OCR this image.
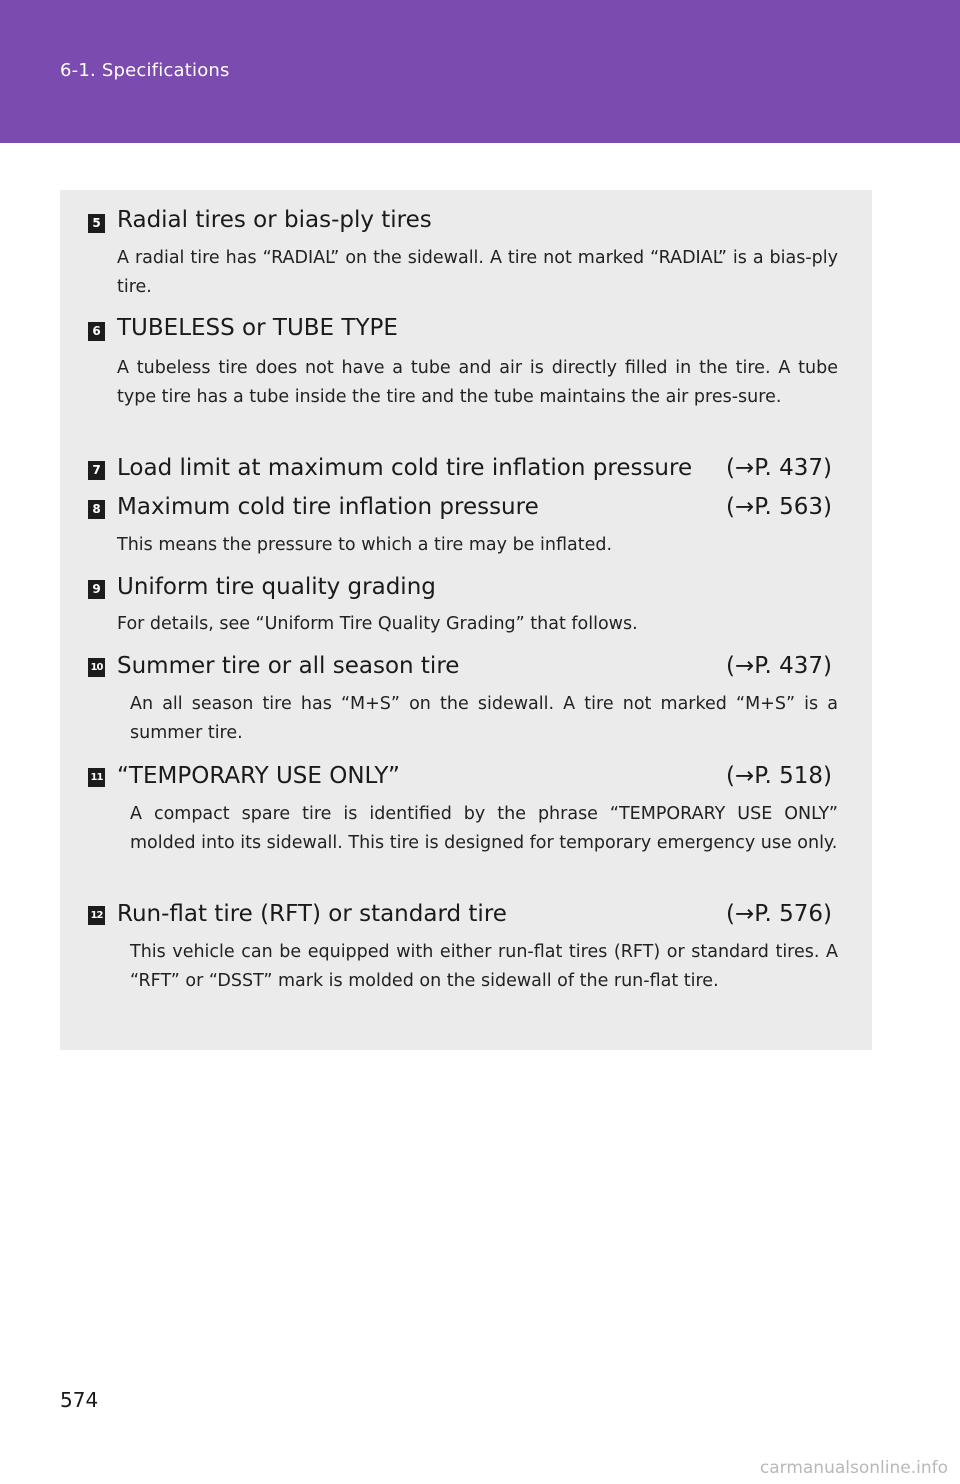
6-1. Specifications
5 Radial tires or bias-ply tires
A radial tire has “RADIAL” on the sidewall. A tire not marked “RADIAL” is a bias-ply tire.
6 TUBELESS or TUBE TYPE
A tubeless tire does not have a tube and air is directly filled in the tire. A tube type tire has a tube inside the tire and the tube maintains the air pres-sure.
7 Load limit at maximum cold tire inflation pressure (→P. 437)
8 Maximum cold tire inflation pressure	(→P. 563)
This means the pressure to which a tire may be inflated.
9 Uniform tire quality grading
For details, see “Uniform Tire Quality Grading” that follows.
10 Summer tire or all season tire	(→P. 437)
An all season tire has “M+S” on the sidewall. A tire not marked “M+S” is a summer tire.
11 “TEMPORARY USE ONLY”	(→P. 518)
A compact spare tire is identified by the phrase “TEMPORARY USE ONLY” molded into its sidewall. This tire is designed for temporary emergency use only.
12 Run-flat tire (RFT) or standard tire	(→P. 576)
This vehicle can be equipped with either run-flat tires (RFT) or standard tires. A “RFT” or “DSST” mark is molded on the sidewall of the run-flat tire.
574
carmanualsonline.info
